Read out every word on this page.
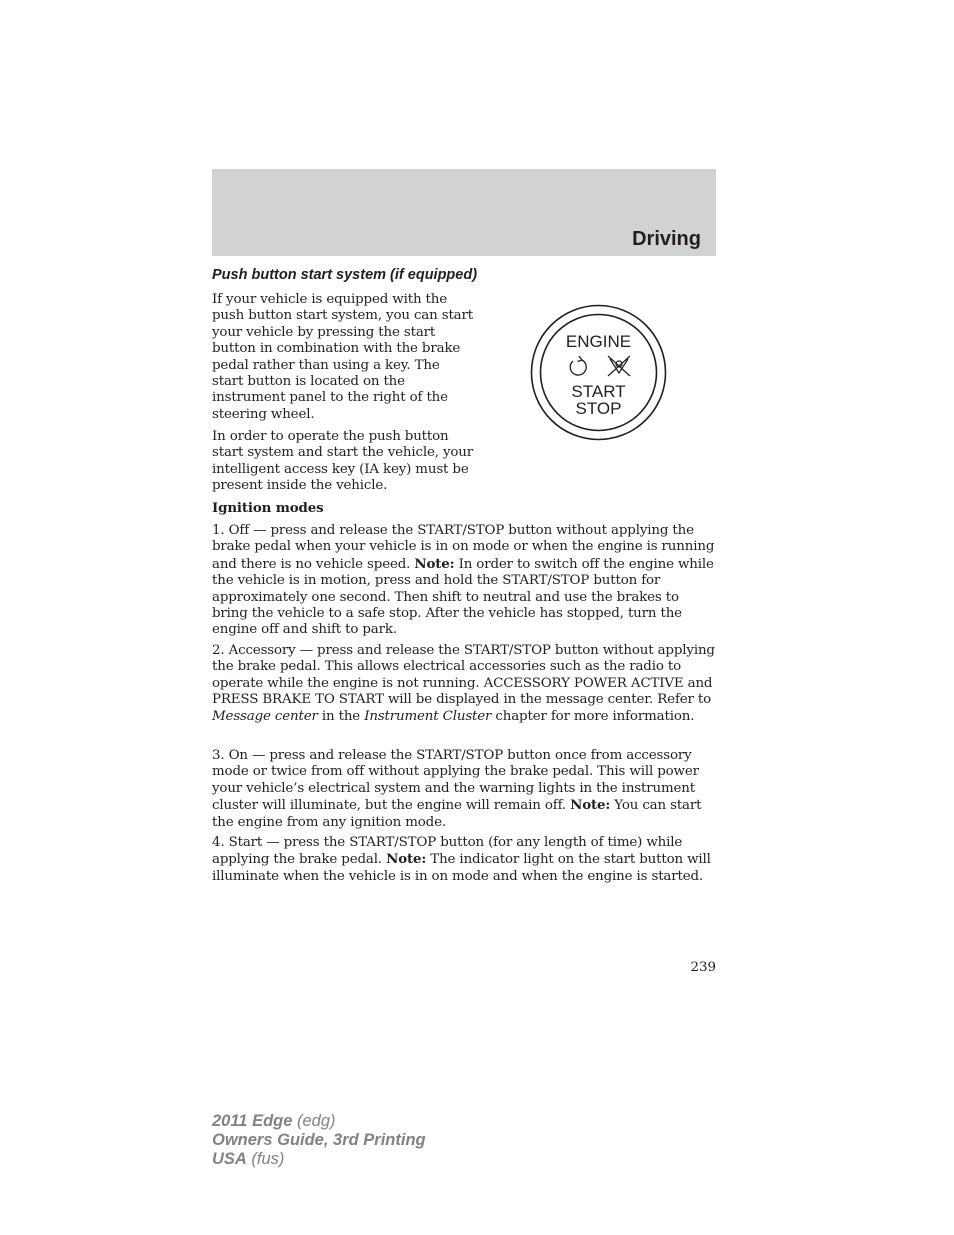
Driving
Push button start system (if equipped)

If your vehicle is equipped with the push button start system, you can start your vehicle by pressing the start button in combination with the brake pedal rather than using a key. The start button is located on the instrument panel to the right of the steering wheel.

In order to operate the push button start system and start the vehicle, your intelligent access key (IA key) must be present inside the vehicle.

ENGINE
START
STOP

Ignition modes

1. Off — press and release the START/STOP button without applying the brake pedal when your vehicle is in on mode or when the engine is running and there is no vehicle speed. Note: In order to switch off the engine while the vehicle is in motion, press and hold the START/STOP button for approximately one second. Then shift to neutral and use the brakes to bring the vehicle to a safe stop. After the vehicle has stopped, turn the engine off and shift to park.

2. Accessory — press and release the START/STOP button without applying the brake pedal. This allows electrical accessories such as the radio to operate while the engine is not running. ACCESSORY POWER ACTIVE and PRESS BRAKE TO START will be displayed in the message center. Refer to Message center in the Instrument Cluster chapter for more information.

3. On — press and release the START/STOP button once from accessory mode or twice from off without applying the brake pedal. This will power your vehicle’s electrical system and the warning lights in the instrument cluster will illuminate, but the engine will remain off. Note: You can start the engine from any ignition mode.

4. Start — press the START/STOP button (for any length of time) while applying the brake pedal. Note: The indicator light on the start button will illuminate when the vehicle is in on mode and when the engine is started.

239
2011 Edge (edg)
Owners Guide, 3rd Printing
USA (fus)
